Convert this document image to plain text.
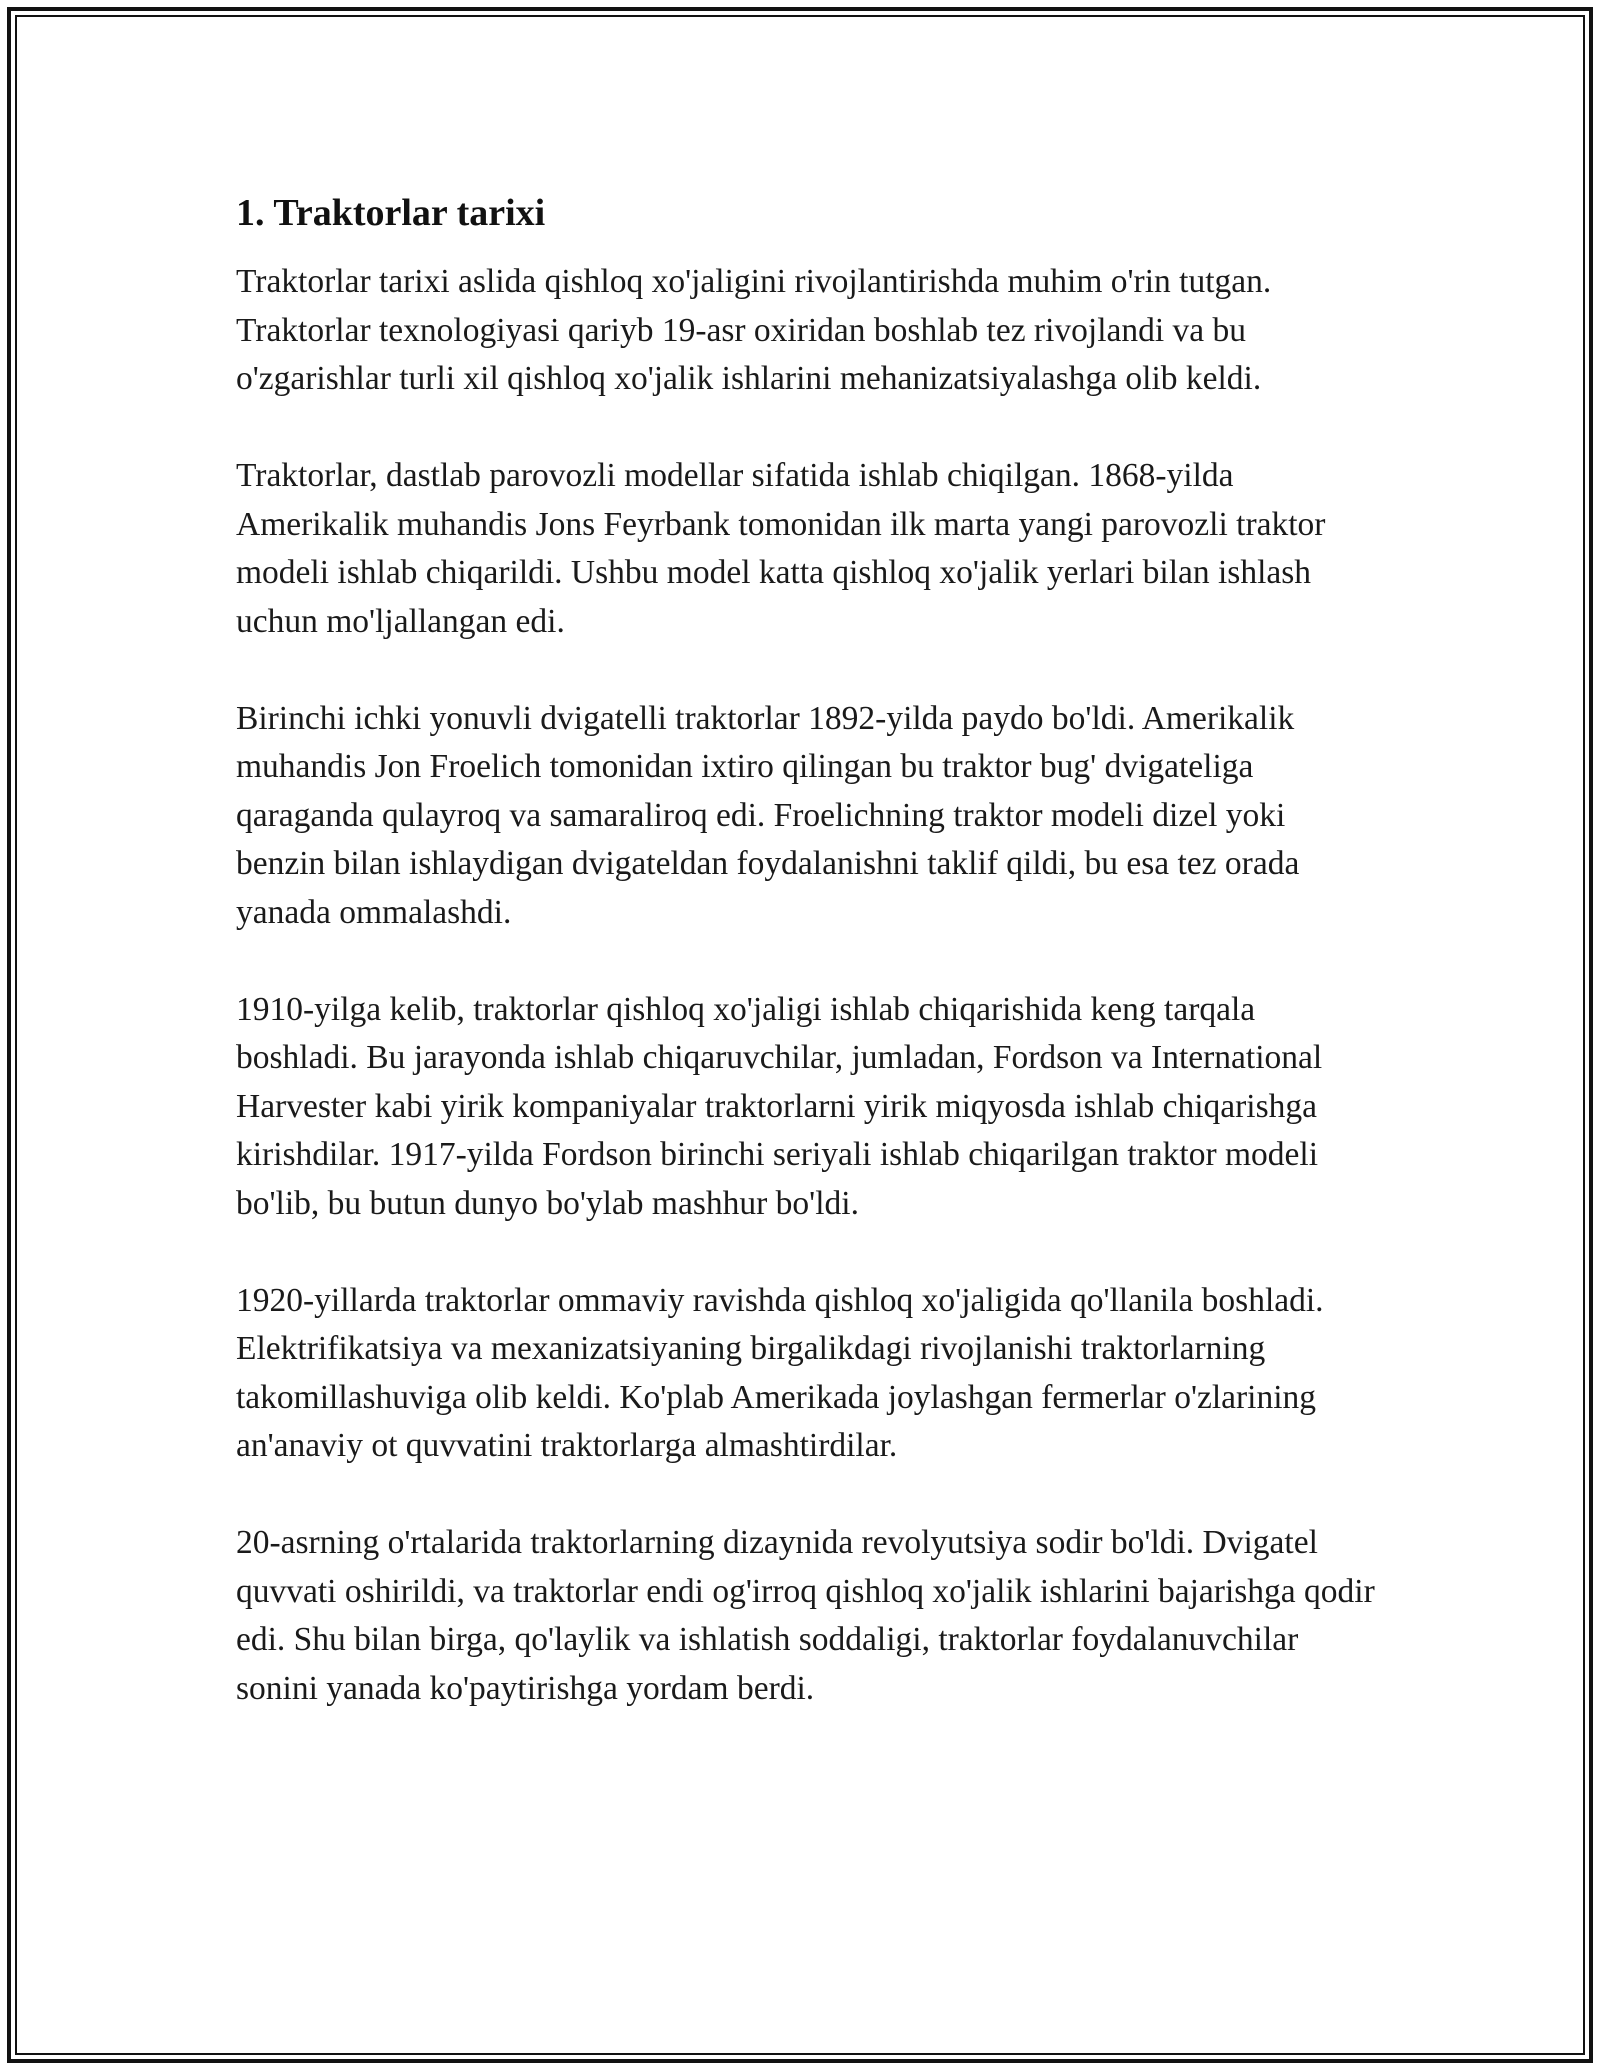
1. Traktorlar tarixi

Traktorlar tarixi aslida qishloq xo'jaligini rivojlantirishda muhim o'rin tutgan. Traktorlar texnologiyasi qariyb 19-asr oxiridan boshlab tez rivojlandi va bu o'zgarishlar turli xil qishloq xo'jalik ishlarini mehanizatsiyalashga olib keldi.

Traktorlar, dastlab parovozli modellar sifatida ishlab chiqilgan. 1868-yilda Amerikalik muhandis Jons Feyrbank tomonidan ilk marta yangi parovozli traktor modeli ishlab chiqarildi. Ushbu model katta qishloq xo'jalik yerlari bilan ishlash uchun mo'ljallangan edi.

Birinchi ichki yonuvli dvigatelli traktorlar 1892-yilda paydo bo'ldi. Amerikalik muhandis Jon Froelich tomonidan ixtiro qilingan bu traktor bug' dvigateliga qaraganda qulayroq va samaraliroq edi. Froelichning traktor modeli dizel yoki benzin bilan ishlaydigan dvigateldan foydalanishni taklif qildi, bu esa tez orada yanada ommalashdi.

1910-yilga kelib, traktorlar qishloq xo'jaligi ishlab chiqarishida keng tarqala boshladi. Bu jarayonda ishlab chiqaruvchilar, jumladan, Fordson va International Harvester kabi yirik kompaniyalar traktorlarni yirik miqyosda ishlab chiqarishga kirishdilar. 1917-yilda Fordson birinchi seriyali ishlab chiqarilgan traktor modeli bo'lib, bu butun dunyo bo'ylab mashhur bo'ldi.

1920-yillarda traktorlar ommaviy ravishda qishloq xo'jaligida qo'llanila boshladi. Elektrifikatsiya va mexanizatsiyaning birgalikdagi rivojlanishi traktorlarning takomillashuviga olib keldi. Ko'plab Amerikada joylashgan fermerlar o'zlarining an'anaviy ot quvvatini traktorlarga almashtirdilar.

20-asrning o'rtalarida traktorlarning dizaynida revolyutsiya sodir bo'ldi. Dvigatel quvvati oshirildi, va traktorlar endi og'irroq qishloq xo'jalik ishlarini bajarishga qodir edi. Shu bilan birga, qo'laylik va ishlatish soddaligi, traktorlar foydalanuvchilar sonini yanada ko'paytirishga yordam berdi.
